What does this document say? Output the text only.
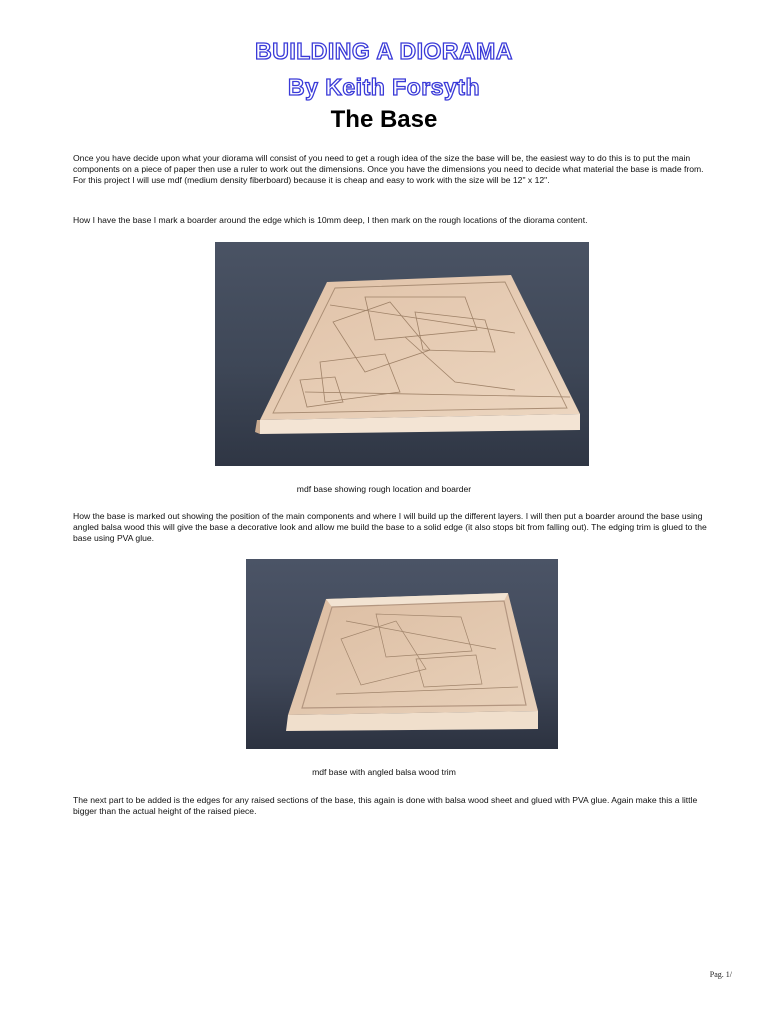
BUILDING A DIORAMA
By Keith Forsyth
The Base

Once you have decide upon what your diorama will consist of you need to get a rough idea of the size the base will be, the easiest way to do this is to put the main components on a piece of paper then use a ruler to work out the dimensions. Once you have the dimensions you need to decide what material the base is made from. For this project I will use mdf (medium density fiberboard) because it is cheap and easy to work with the size will be 12" x 12".

How I have the base I mark a boarder around the edge which is 10mm deep, I then mark on the rough locations of the diorama content.

mdf base showing rough location and boarder

How the base is marked out showing the position of the main components and where I will build up the different layers. I will then put a boarder around the base using angled balsa wood this will give the base a decorative look and allow me build the base to a solid edge (it also stops bit from falling out). The edging trim is glued to the base using PVA glue.

mdf base with angled balsa wood trim

The next part to be added is the edges for any raised sections of the base, this again is done with balsa wood sheet and glued with PVA glue. Again make this a little bigger than the actual height of the raised piece.

Pag. 1/
